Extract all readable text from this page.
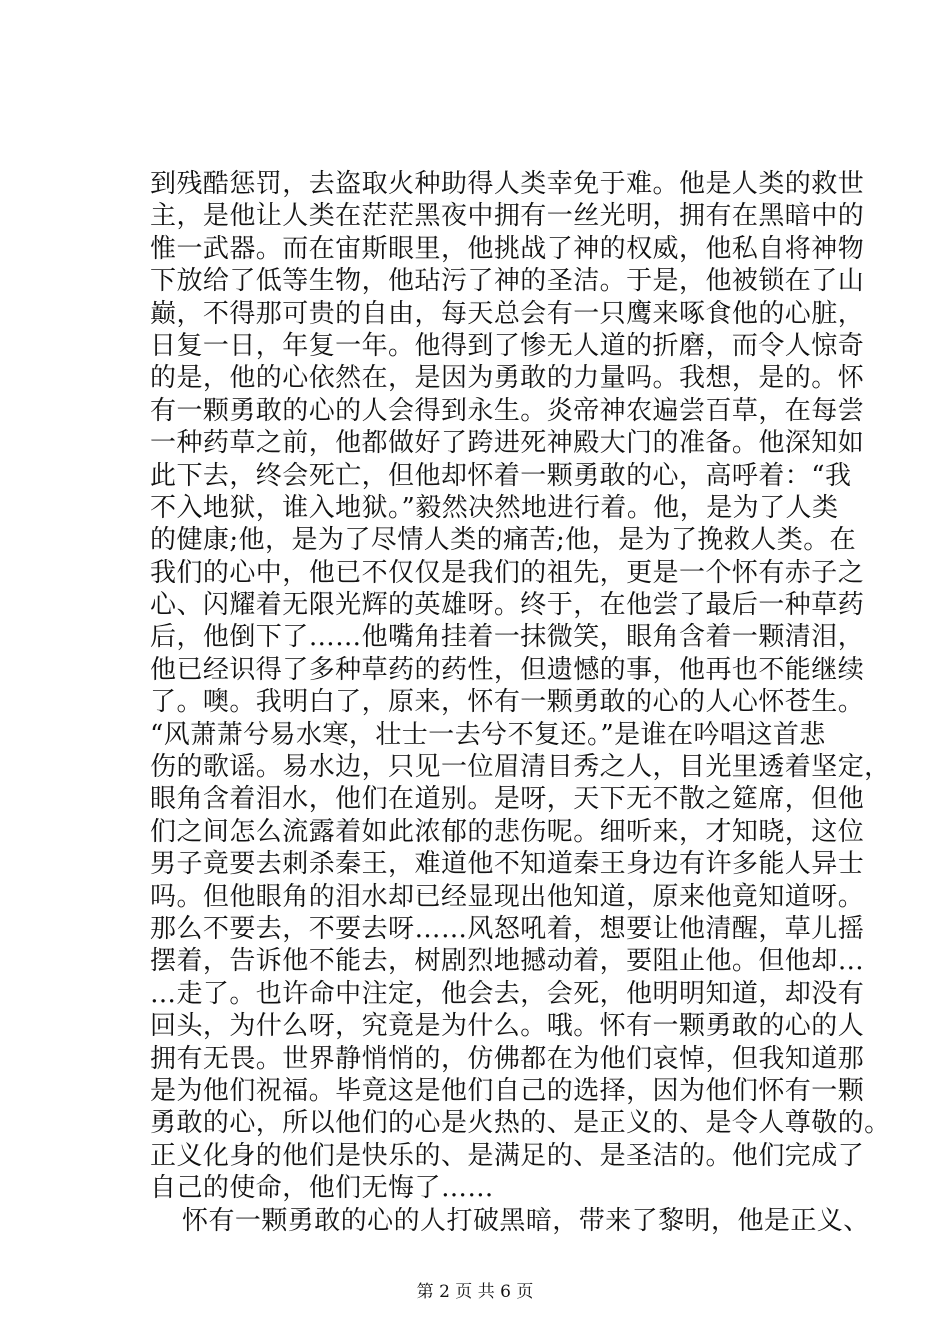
到残酷惩罚，去盗取火种助得人类幸免于难。他是人类的救世
主，是他让人类在茫茫黑夜中拥有一丝光明，拥有在黑暗中的
惟一武器。而在宙斯眼里，他挑战了神的权威，他私自将神物
下放给了低等生物，他玷污了神的圣洁。于是，他被锁在了山
巅，不得那可贵的自由，每天总会有一只鹰来啄食他的心脏，
日复一日，年复一年。他得到了惨无人道的折磨，而令人惊奇
的是，他的心依然在，是因为勇敢的力量吗。我想，是的。怀
有一颗勇敢的心的人会得到永生。炎帝神农遍尝百草，在每尝
一种药草之前，他都做好了跨进死神殿大门的准备。他深知如
此下去，终会死亡，但他却怀着一颗勇敢的心，高呼着：“我
不入地狱，谁入地狱。”毅然决然地进行着。他，是为了人类
的健康;他，是为了尽情人类的痛苦;他，是为了挽救人类。在
我们的心中，他已不仅仅是我们的祖先，更是一个怀有赤子之
心、闪耀着无限光辉的英雄呀。终于，在他尝了最后一种草药
后，他倒下了……他嘴角挂着一抹微笑，眼角含着一颗清泪，
他已经识得了多种草药的药性，但遗憾的事，他再也不能继续
了。噢。我明白了，原来，怀有一颗勇敢的心的人心怀苍生。
“风萧萧兮易水寒，壮士一去兮不复还。”是谁在吟唱这首悲
伤的歌谣。易水边，只见一位眉清目秀之人，目光里透着坚定，
眼角含着泪水，他们在道别。是呀，天下无不散之筵席，但他
们之间怎么流露着如此浓郁的悲伤呢。细听来，才知晓，这位
男子竟要去刺杀秦王，难道他不知道秦王身边有许多能人异士
吗。但他眼角的泪水却已经显现出他知道，原来他竟知道呀。
那么不要去，不要去呀……风怒吼着，想要让他清醒，草儿摇
摆着，告诉他不能去，树剧烈地撼动着，要阻止他。但他却…
…走了。也许命中注定，他会去，会死，他明明知道，却没有
回头，为什么呀，究竟是为什么。哦。怀有一颗勇敢的心的人
拥有无畏。世界静悄悄的，仿佛都在为他们哀悼，但我知道那
是为他们祝福。毕竟这是他们自己的选择，因为他们怀有一颗
勇敢的心，所以他们的心是火热的、是正义的、是令人尊敬的。
正义化身的他们是快乐的、是满足的、是圣洁的。他们完成了
自己的使命，他们无悔了……
怀有一颗勇敢的心的人打破黑暗，带来了黎明，他是正义、
第 2 页 共 6 页
